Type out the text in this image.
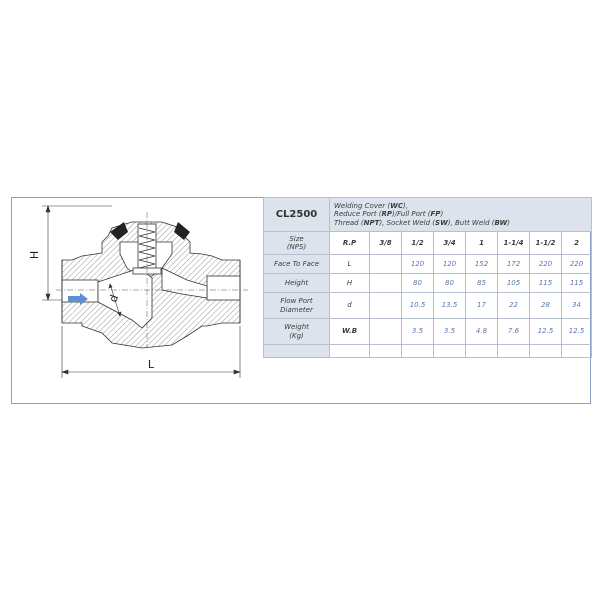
d
H
L
CL2500	Welding Cover (WC),
Reduce Port (RP)/Full Port (FP)
Thread (NPT), Socket Weld (SW), Butt Weld (BW)							

Size
(NPS)	R.P	3/8	1/2	3/4	1	1-1/4	1-1/2	2
Face To Face	L		120	120	152	172	220	220
Height	H		80	80	85	105	115	115

Flow Port
Diameter	d		10.5	13.5	17	22	28	34

Weight
(Kg)	W.B		3.5	3.5	4.8	7.6	12.5	12.5
